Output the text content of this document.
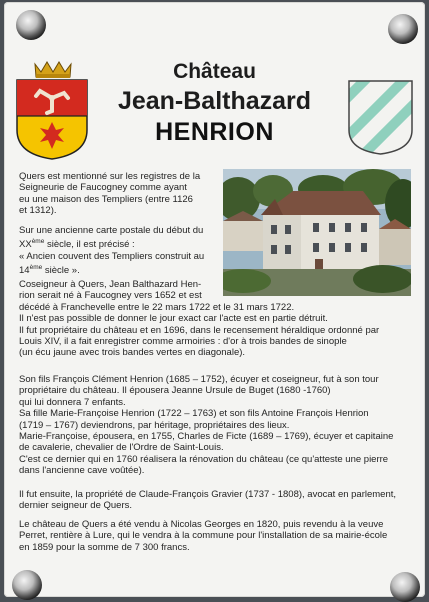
Château
Jean-Balthazard
HENRION

Quers est mentionné sur les registres de la

Seigneurie de Faucogney comme ayant

eu une maison des Templiers (entre 1126

et 1312).

Sur une ancienne carte postale du début du

XXème siècle, il est précisé :

« Ancien couvent des Templiers construit au

14ème siècle ».

Coseigneur à Quers, Jean Balthazard Hen-

rion serait né à Faucogney vers 1652 et est

décédé à Franchevelle entre le 22 mars 1722 et le 31 mars 1722.

Il n'est pas possible de donner le jour exact car l'acte est en partie détruit.

Il fut propriétaire du château et en 1696, dans le recensement héraldique ordonné par

Louis XIV, il a fait enregistrer comme armoiries : d'or à trois bandes de sinople

(un écu jaune avec trois bandes vertes en diagonale).

Son fils François Clément Henrion (1685 – 1752), écuyer et coseigneur, fut à son tour

propriétaire du château. Il épousera Jeanne Ursule de Buget (1680 -1760)

qui lui donnera 7 enfants.

Sa fille Marie-Françoise Henrion (1722 – 1763) et son fils Antoine François Henrion

(1719 – 1767) deviendrons, par héritage, propriétaires des lieux.

Marie-Françoise, épousera, en 1755, Charles de Ficte (1689 – 1769), écuyer et capitaine

de cavalerie, chevalier de l'Ordre de Saint-Louis.

C'est ce dernier qui en 1760 réalisera la rénovation du château (ce qu'atteste une pierre

dans l'ancienne cave voûtée).

Il fut ensuite, la propriété de Claude-François Gravier (1737 - 1808), avocat en parlement,

dernier seigneur de Quers.

Le château de Quers a été vendu à Nicolas Georges en 1820, puis revendu à la veuve

Perret, rentière à Lure, qui le vendra à la commune pour l'installation de sa mairie-école

en 1859 pour la somme de 7 300 francs.
